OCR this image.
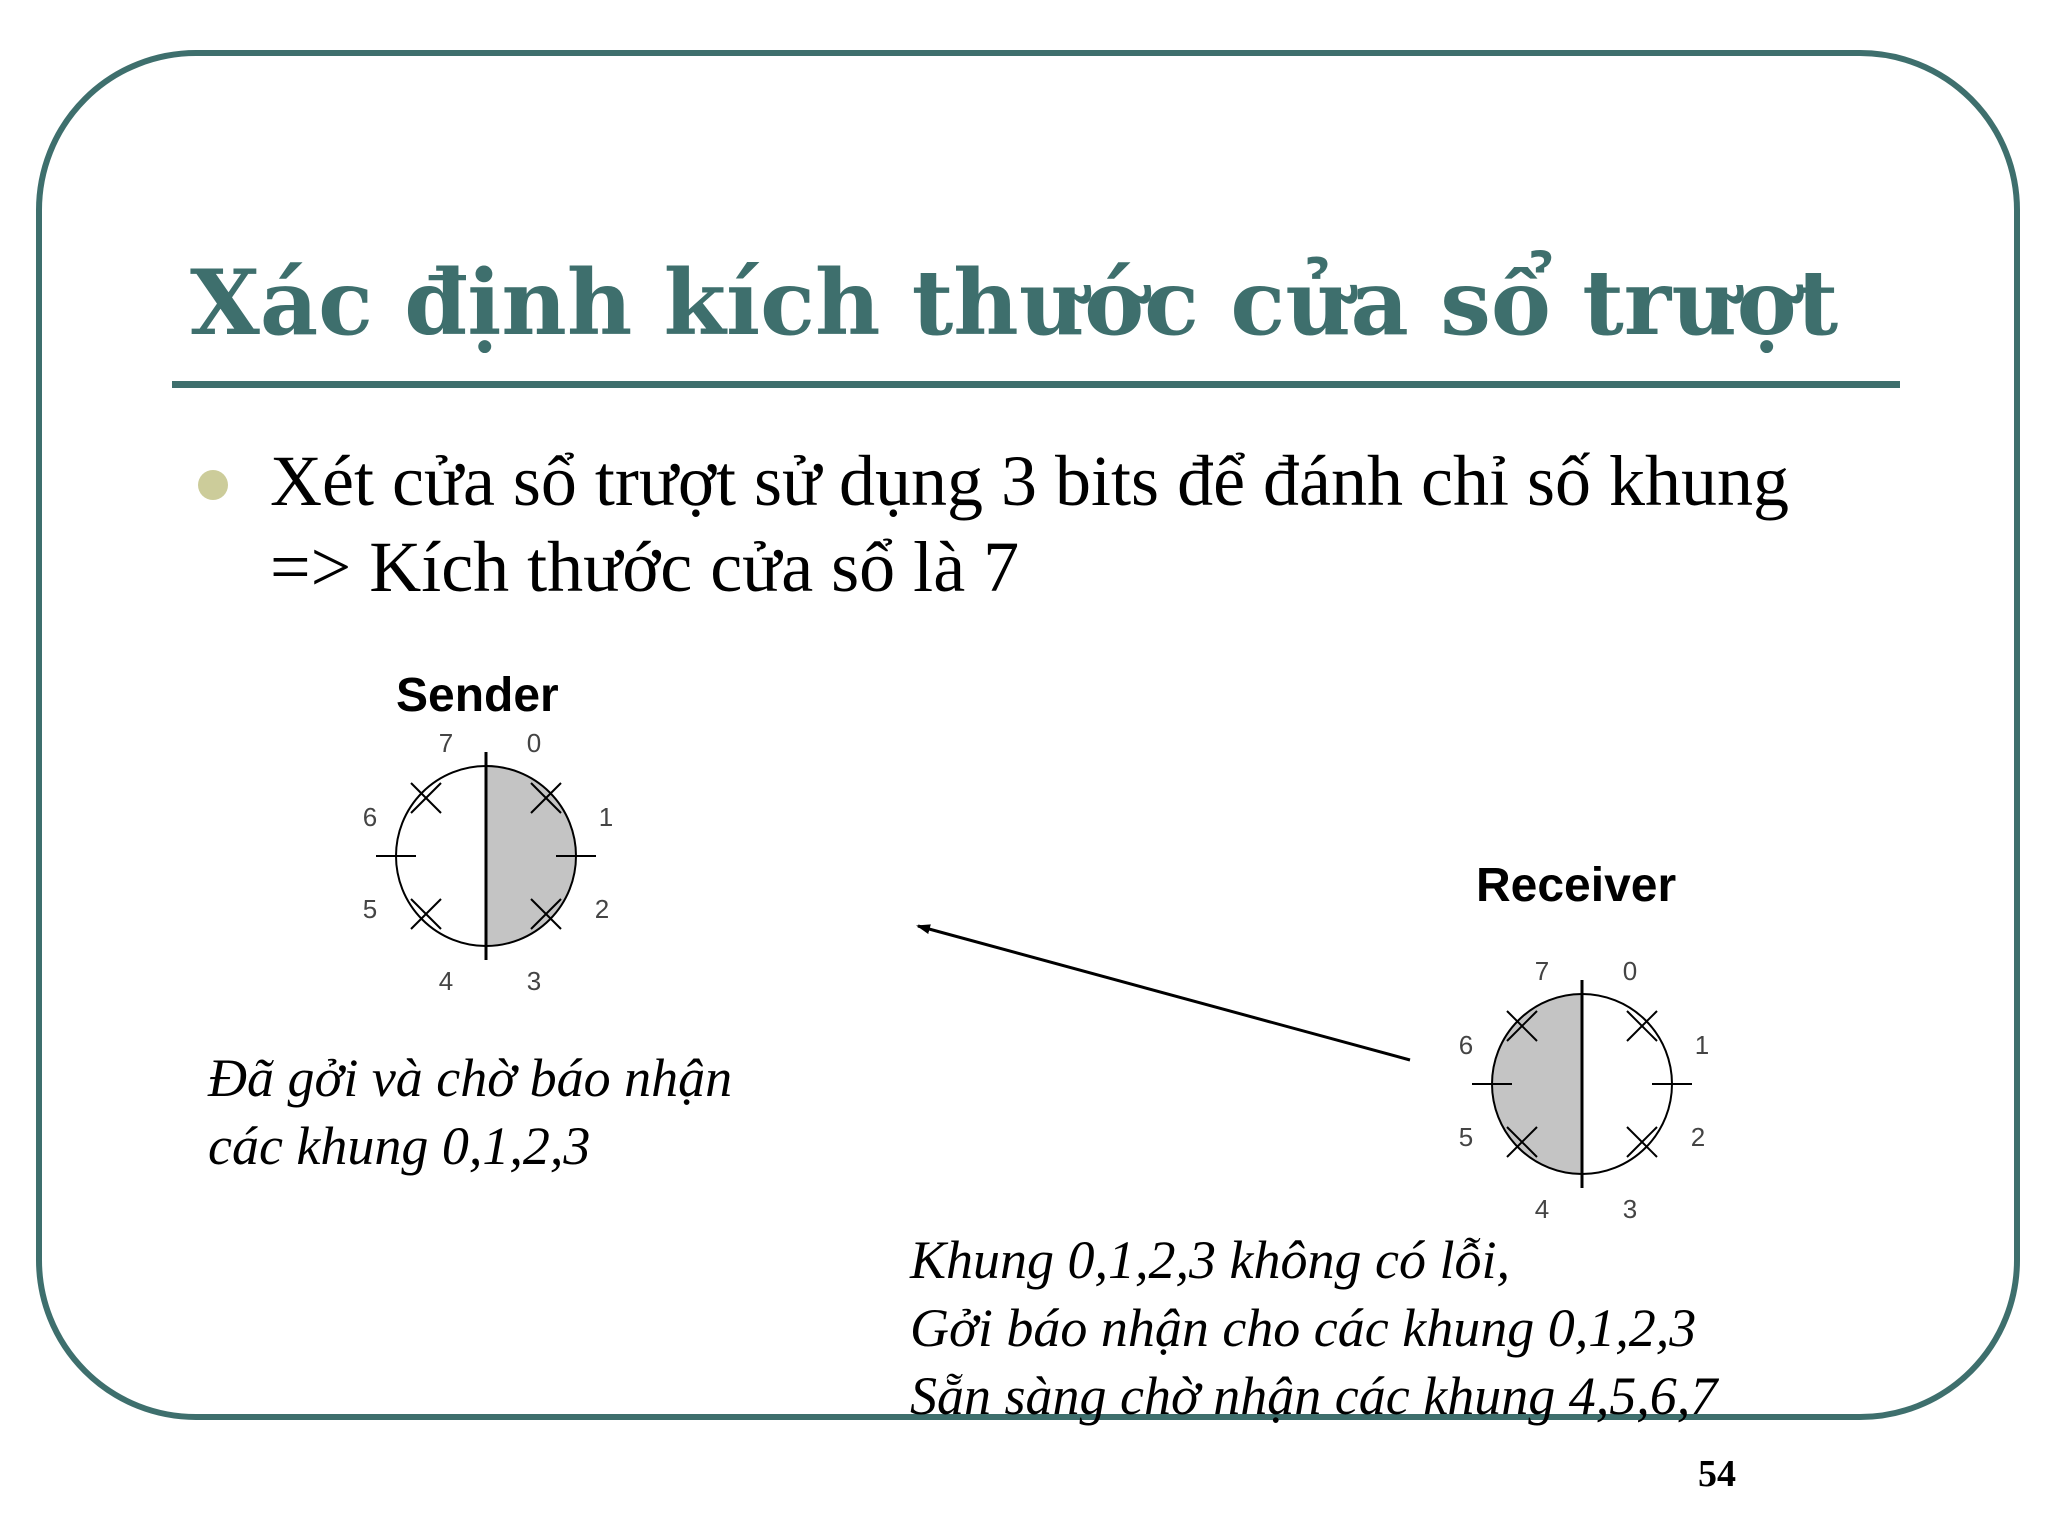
Xác định kích thước cửa sổ trượt
Xét cửa sổ trượt sử dụng 3 bits để đánh chỉ số khung
=> Kích thước cửa sổ là 7
Sender
Receiver
0
1
2
3
4
5
6
7
0
1
2
3
4
5
6
7
Đã gởi và chờ báo nhận
các khung 0,1,2,3
Khung 0,1,2,3 không có lỗi,
Gởi báo nhận cho các khung 0,1,2,3
Sẵn sàng chờ nhận các khung 4,5,6,7
54
